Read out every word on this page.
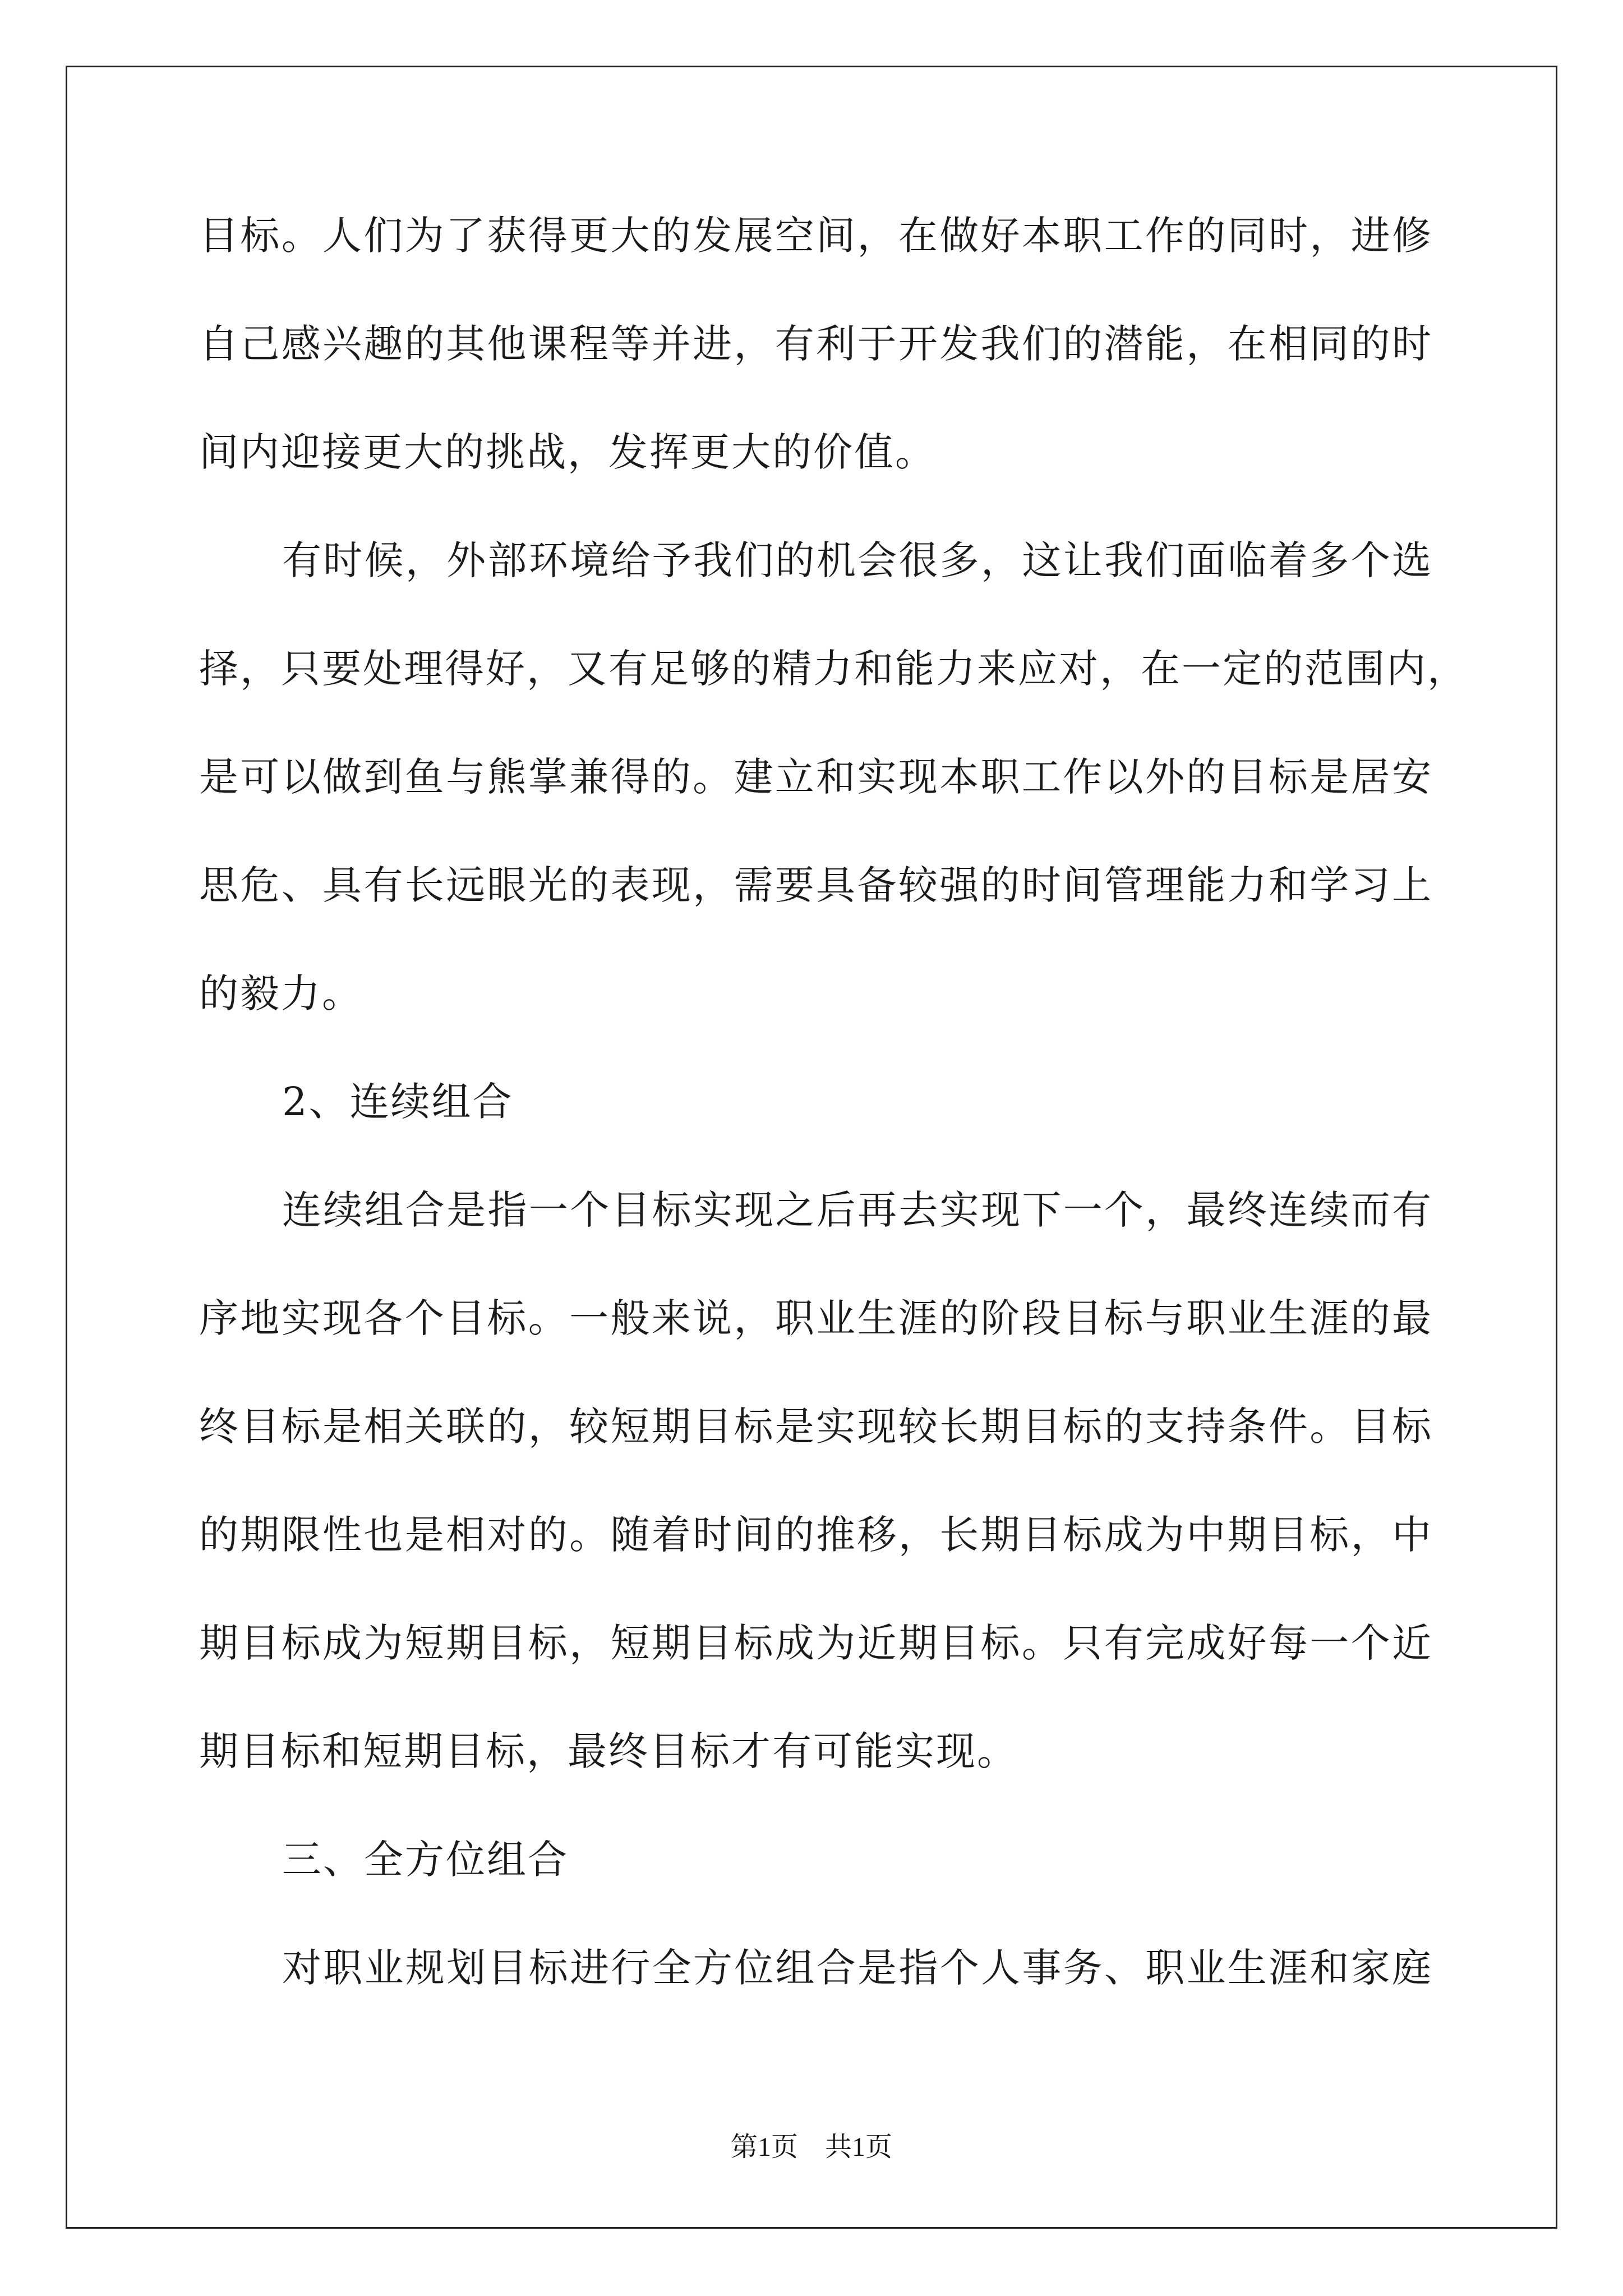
目标。人们为了获得更大的发展空间，在做好本职工作的同时，进修
自己感兴趣的其他课程等并进，有利于开发我们的潜能，在相同的时
间内迎接更大的挑战，发挥更大的价值。
有时候，外部环境给予我们的机会很多，这让我们面临着多个选
择，只要处理得好，又有足够的精力和能力来应对，在一定的范围内，
是可以做到鱼与熊掌兼得的。建立和实现本职工作以外的目标是居安
思危、具有长远眼光的表现，需要具备较强的时间管理能力和学习上
的毅力。
2、连续组合
连续组合是指一个目标实现之后再去实现下一个，最终连续而有
序地实现各个目标。一般来说，职业生涯的阶段目标与职业生涯的最
终目标是相关联的，较短期目标是实现较长期目标的支持条件。目标
的期限性也是相对的。随着时间的推移，长期目标成为中期目标，中
期目标成为短期目标，短期目标成为近期目标。只有完成好每一个近
期目标和短期目标，最终目标才有可能实现。
三、全方位组合
对职业规划目标进行全方位组合是指个人事务、职业生涯和家庭
第1页　共1页
